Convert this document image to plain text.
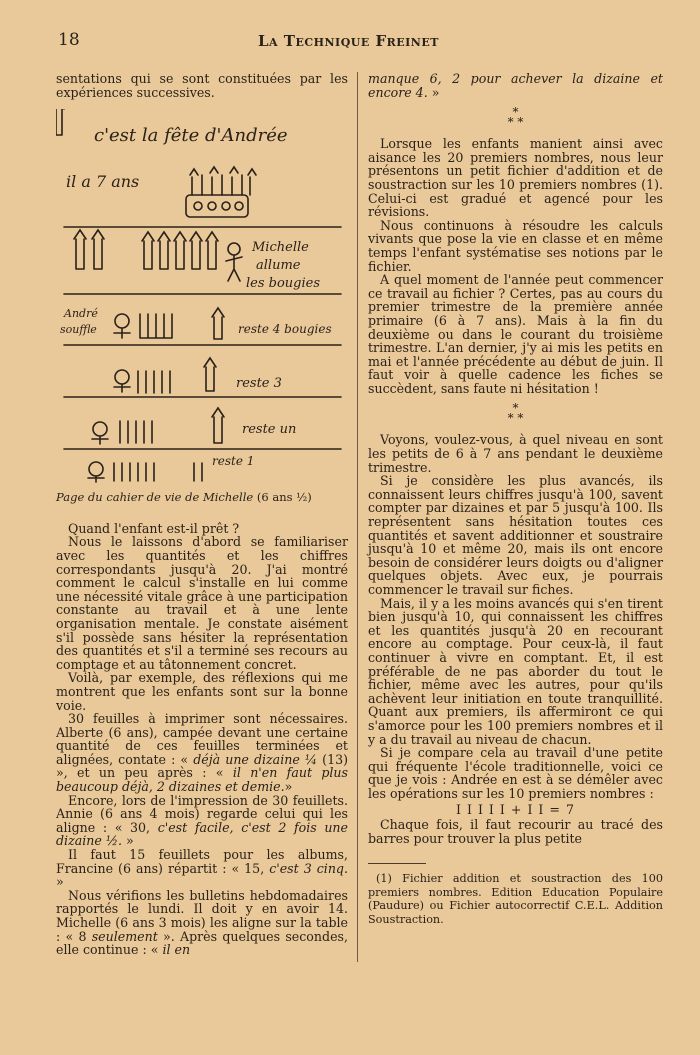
18	La Technique Freinet

sentations qui se sont constituées par les expériences successives.

c'est la fête d'Andrée
il a 7 ans
Michelle
allume
les bougies
André
souffle	reste 4 bougies
reste 3
reste 1
reste un

Page du cahier de vie de Michelle (6 ans ½)

Quand l'enfant est-il prêt ?

Nous le laissons d'abord se familiariser avec les quantités et les chiffres correspondants jusqu'à 20. J'ai montré comment le calcul s'installe en lui comme une nécessité vitale grâce à une participation constante au travail et à une lente organisation mentale. Je constate aisément s'il possède sans hésiter la représentation des quantités et s'il a terminé ses recours au comptage et au tâtonnement concret.

Voilà, par exemple, des réflexions qui me montrent que les enfants sont sur la bonne voie.

30 feuilles à imprimer sont nécessaires. Alberte (6 ans), campée devant une certaine quantité de ces feuilles terminées et alignées, contate : « déjà une dizaine ¼ (13) », et un peu après : « il n'en faut plus beaucoup déjà, 2 dizaines et demie.»

Encore, lors de l'impression de 30 feuillets. Annie (6 ans 4 mois) regarde celui qui les aligne : « 30, c'est facile, c'est 2 fois une dizaine ½. »

Il faut 15 feuillets pour les albums, Francine (6 ans) répartit : « 15, c'est 3 cinq. »

Nous vérifions les bulletins hebdomadaires rapportés le lundi. Il doit y en avoir 14. Michelle (6 ans 3 mois) les aligne sur la table : « 8 seulement ». Après quelques secondes, elle continue : « il en

manque 6, 2 pour achever la dizaine et encore 4. »

*
* *

Lorsque les enfants manient ainsi avec aisance les 20 premiers nombres, nous leur présentons un petit fichier d'addition et de soustraction sur les 10 premiers nombres (1). Celui-ci est gradué et agencé pour les révisions.

Nous continuons à résoudre les calculs vivants que pose la vie en classe et en même temps l'enfant systématise ses notions par le fichier.

A quel moment de l'année peut commencer ce travail au fichier ? Certes, pas au cours du premier trimestre de la première année primaire (6 à 7 ans). Mais à la fin du deuxième ou dans le courant du troisième trimestre. L'an dernier, j'y ai mis les petits en mai et l'année précédente au début de juin. Il faut voir à quelle cadence les fiches se succèdent, sans faute ni hésitation !

*
* *

Voyons, voulez-vous, à quel niveau en sont les petits de 6 à 7 ans pendant le deuxième trimestre.

Si je considère les plus avancés, ils connaissent leurs chiffres jusqu'à 100, savent compter par dizaines et par 5 jusqu'à 100. Ils représentent sans hésitation toutes ces quantités et savent additionner et soustraire jusqu'à 10 et même 20, mais ils ont encore besoin de considérer leurs doigts ou d'aligner quelques objets. Avec eux, je pourrais commencer le travail sur fiches.

Mais, il y a les moins avancés qui s'en tirent bien jusqu'à 10, qui connaissent les chiffres et les quantités jusqu'à 20 en recourant encore au comptage. Pour ceux-là, il faut continuer à vivre en comptant. Et, il est préférable de ne pas aborder du tout le fichier, même avec les autres, pour qu'ils achèvent leur initiation en toute tranquillité. Quant aux premiers, ils affermiront ce qui s'amorce pour les 100 premiers nombres et il y a du travail au niveau de chacun.

Si je compare cela au travail d'une petite qui fréquente l'école traditionnelle, voici ce que je vois : Andrée en est à se démêler avec les opérations sur les 10 premiers nombres :

I I I I I + I I = 7

Chaque fois, il faut recourir au tracé des barres pour trouver la plus petite

(1) Fichier addition et soustraction des 100 premiers nombres. Edition Education Populaire (Paudure) ou Fichier autocorrectif C.E.L. Addition Soustraction.
